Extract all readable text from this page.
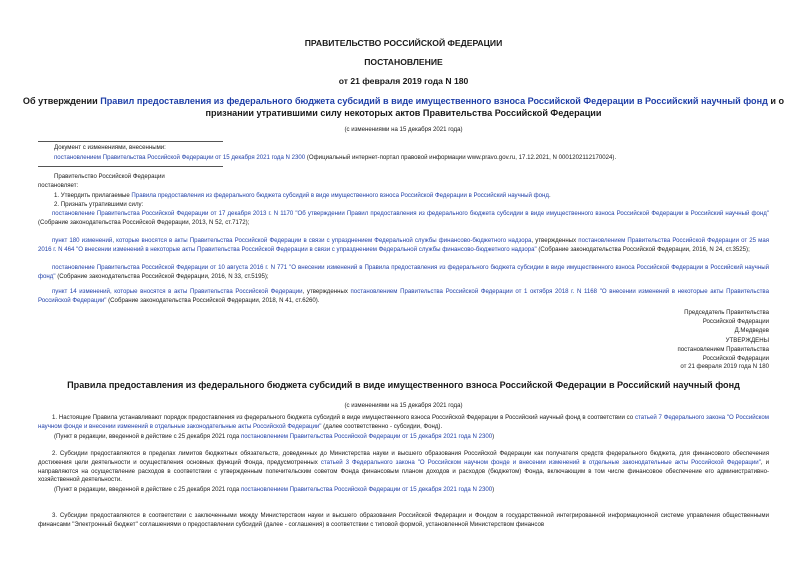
ПРАВИТЕЛЬСТВО РОССИЙСКОЙ ФЕДЕРАЦИИ
ПОСТАНОВЛЕНИЕ
от 21 февраля 2019 года N 180
Об утверждении Правил предоставления из федерального бюджета субсидий в виде имущественного взноса Российской Федерации в Российский научный фонд и о признании утратившими силу некоторых актов Правительства Российской Федерации
(с изменениями на 15 декабря 2021 года)
Документ с изменениями, внесенными:
постановлением Правительства Российской Федерации от 15 декабря 2021 года N 2300 (Официальный интернет-портал правовой информации www.pravo.gov.ru, 17.12.2021, N 0001202112170024).
Правительство Российской Федерации
постановляет:
1. Утвердить прилагаемые Правила предоставления из федерального бюджета субсидий в виде имущественного взноса Российской Федерации в Российский научный фонд.
2. Признать утратившими силу:
постановление Правительства Российской Федерации от 17 декабря 2013 г. N 1170 "Об утверждении Правил предоставления из федерального бюджета субсидии в виде имущественного взноса Российской Федерации в Российский научный фонд" (Собрание законодательства Российской Федерации, 2013, N 52, ст.7172);
пункт 180 изменений, которые вносятся в акты Правительства Российской Федерации в связи с упразднением Федеральной службы финансово-бюджетного надзора, утвержденных постановлением Правительства Российской Федерации от 25 мая 2016 г. N 464 "О внесении изменений в некоторые акты Правительства Российской Федерации в связи с упразднением Федеральной службы финансово-бюджетного надзора" (Собрание законодательства Российской Федерации, 2016, N 24, ст.3525);
постановление Правительства Российской Федерации от 10 августа 2016 г. N 771 "О внесении изменений в Правила предоставления из федерального бюджета субсидии в виде имущественного взноса Российской Федерации в Российский научный фонд" (Собрание законодательства Российской Федерации, 2016, N 33, ст.5195);
пункт 14 изменений, которые вносятся в акты Правительства Российской Федерации, утвержденных постановлением Правительства Российской Федерации от 1 октября 2018 г. N 1168 "О внесении изменений в некоторые акты Правительства Российской Федерации" (Собрание законодательства Российской Федерации, 2018, N 41, ст.6260).
Председатель Правительства
Российской Федерации
Д.Медведев
УТВЕРЖДЕНЫ
постановлением Правительства
Российской Федерации
от 21 февраля 2019 года N 180
Правила предоставления из федерального бюджета субсидий в виде имущественного взноса Российской Федерации в Российский научный фонд
(с изменениями на 15 декабря 2021 года)
1. Настоящие Правила устанавливают порядок предоставления из федерального бюджета субсидий в виде имущественного взноса Российской Федерации в Российский научный фонд в соответствии со статьей 7 Федерального закона "О Российском научном фонде и внесении изменений в отдельные законодательные акты Российской Федерации" (далее соответственно - субсидии, Фонд).
(Пункт в редакции, введенной в действие с 25 декабря 2021 года постановлением Правительства Российской Федерации от 15 декабря 2021 года N 2300)
2. Субсидии предоставляются в пределах лимитов бюджетных обязательств, доведенных до Министерства науки и высшего образования Российской Федерации как получателя средств федерального бюджета, для финансового обеспечения достижения цели деятельности и осуществления основных функций Фонда, предусмотренных статьей 3 Федерального закона "О Российском научном фонде и внесении изменений в отдельные законодательные акты Российской Федерации", и направляются на осуществление расходов в соответствии с утвержденным попечительским советом Фонда финансовым планом доходов и расходов (бюджетом) Фонда, включающим в том числе финансовое обеспечение его административно-хозяйственной деятельности.
(Пункт в редакции, введенной в действие с 25 декабря 2021 года постановлением Правительства Российской Федерации от 15 декабря 2021 года N 2300)
3. Субсидии предоставляются в соответствии с заключенными между Министерством науки и высшего образования Российской Федерации и Фондом в государственной интегрированной информационной системе управления общественными финансами "Электронный бюджет" соглашениями о предоставлении субсидий (далее - соглашения) в соответствии с типовой формой, установленной Министерством финансов
